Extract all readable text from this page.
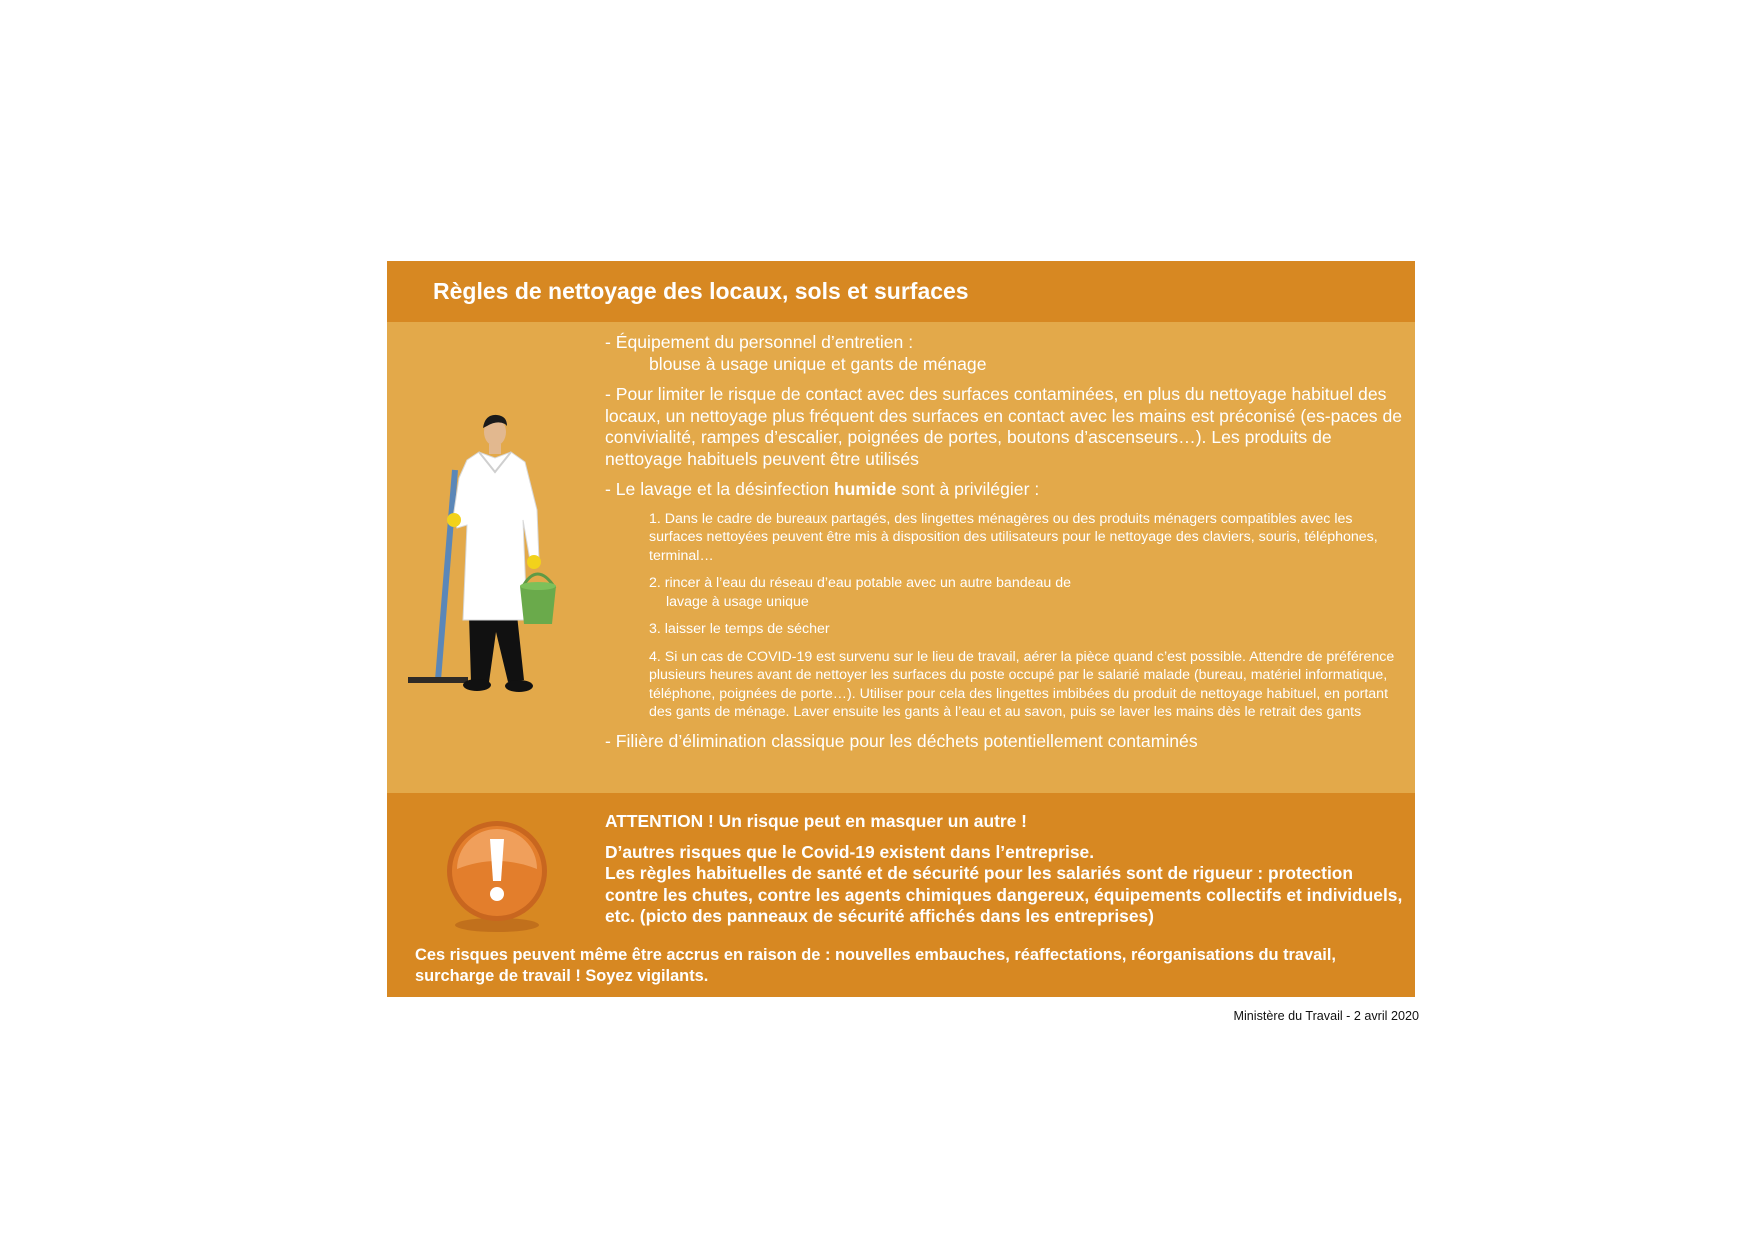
Règles de nettoyage des locaux, sols et surfaces
- Équipement du personnel d’entretien :
blouse à usage unique et gants de ménage
- Pour limiter le risque de contact avec des surfaces contaminées, en plus du nettoyage habituel des locaux, un nettoyage plus fréquent des surfaces en contact avec les mains est préconisé (es-paces de convivialité, rampes d’escalier, poignées de portes, boutons d’ascenseurs…). Les produits de nettoyage habituels peuvent être utilisés
- Le lavage et la désinfection humide sont à privilégier :
1. Dans le cadre de bureaux partagés, des lingettes ménagères ou des produits ménagers compatibles avec les surfaces nettoyées peuvent être mis à disposition des utilisateurs pour le nettoyage des claviers, souris, téléphones, terminal…
2. rincer à l’eau du réseau d’eau potable avec un autre bandeau de
lavage à usage unique
3. laisser le temps de sécher
4. Si un cas de COVID-19 est survenu sur le lieu de travail, aérer la pièce quand c’est possible. Attendre de préférence plusieurs heures avant de nettoyer les surfaces du poste occupé par le salarié malade (bureau, matériel informatique, téléphone, poignées de porte…). Utiliser pour cela des lingettes imbibées du produit de nettoyage habituel, en portant des gants de ménage. Laver ensuite les gants à l’eau et au savon, puis se laver les mains dès le retrait des gants
- Filière d’élimination classique pour les déchets potentiellement contaminés
ATTENTION ! Un risque peut en masquer un autre !
D’autres risques que le Covid-19 existent dans l’entreprise.
Les règles habituelles de santé et de sécurité pour les salariés sont de rigueur : protection contre les chutes, contre les agents chimiques dangereux, équipements collectifs et individuels, etc. (picto des panneaux de sécurité affichés dans les entreprises)
Ces risques peuvent même être accrus en raison de : nouvelles embauches, réaffectations, réorganisations du travail, surcharge de travail ! Soyez vigilants.
Ministère du Travail - 2 avril 2020
